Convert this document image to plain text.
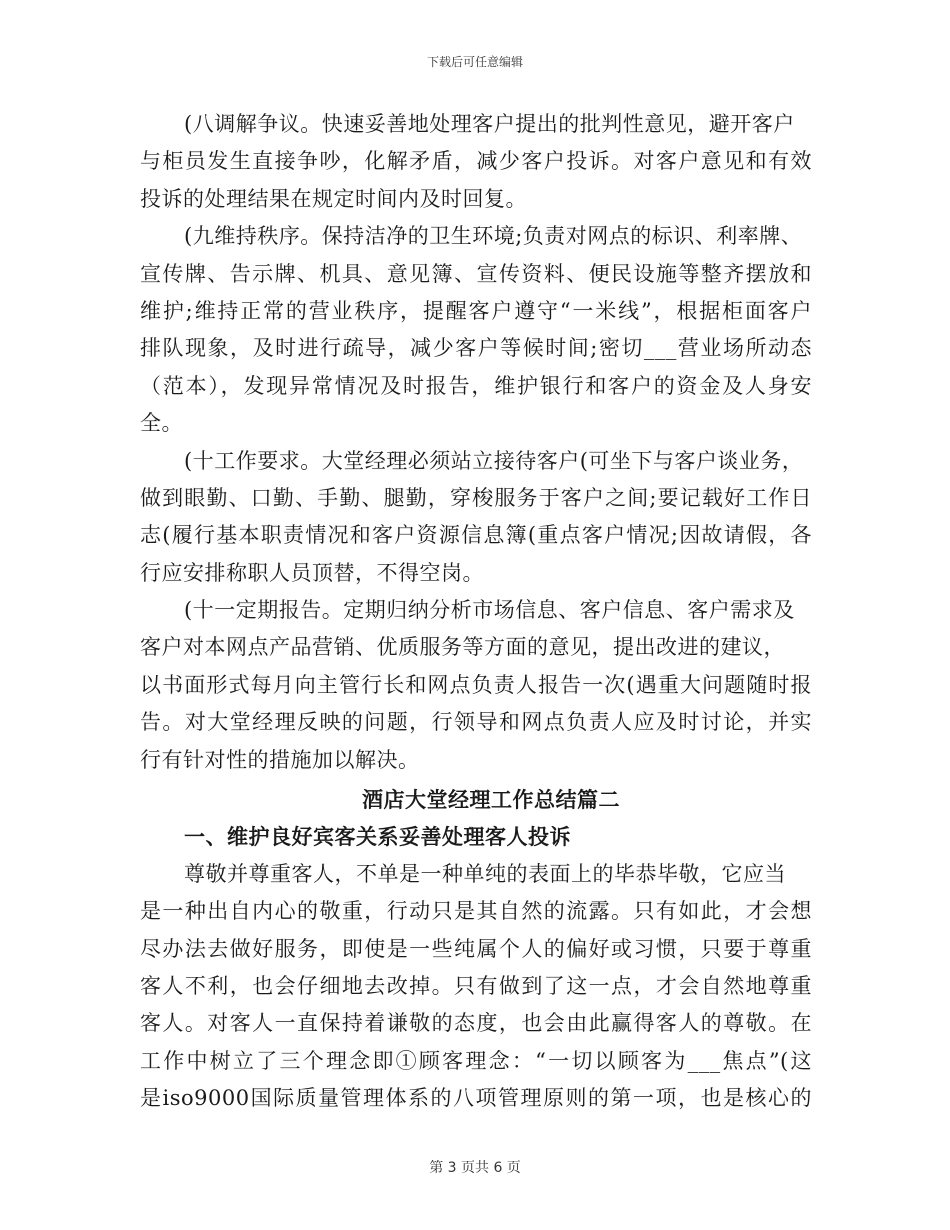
下载后可任意编辑
(八调解争议。快速妥善地处理客户提出的批判性意见，避开客户
与柜员发生直接争吵，化解矛盾，减少客户投诉。对客户意见和有效
投诉的处理结果在规定时间内及时回复。
(九维持秩序。保持洁净的卫生环境;负责对网点的标识、利率牌、
宣传牌、告示牌、机具、意见簿、宣传资料、便民设施等整齐摆放和
维护;维持正常的营业秩序，提醒客户遵守“一米线”，根据柜面客户
排队现象，及时进行疏导，减少客户等候时间;密切___营业场所动态
（范本），发现异常情况及时报告，维护银行和客户的资金及人身安
全。
(十工作要求。大堂经理必须站立接待客户(可坐下与客户谈业务，
做到眼勤、口勤、手勤、腿勤，穿梭服务于客户之间;要记载好工作日
志(履行基本职责情况和客户资源信息簿(重点客户情况;因故请假，各
行应安排称职人员顶替，不得空岗。
(十一定期报告。定期归纳分析市场信息、客户信息、客户需求及
客户对本网点产品营销、优质服务等方面的意见，提出改进的建议，
以书面形式每月向主管行长和网点负责人报告一次(遇重大问题随时报
告。对大堂经理反映的问题，行领导和网点负责人应及时讨论，并实
行有针对性的措施加以解决。
酒店大堂经理工作总结篇二
一、维护良好宾客关系妥善处理客人投诉
尊敬并尊重客人，不单是一种单纯的表面上的毕恭毕敬，它应当
是一种出自内心的敬重，行动只是其自然的流露。只有如此，才会想
尽办法去做好服务，即使是一些纯属个人的偏好或习惯，只要于尊重
客人不利，也会仔细地去改掉。只有做到了这一点，才会自然地尊重
客人。对客人一直保持着谦敬的态度，也会由此赢得客人的尊敬。在
工作中树立了三个理念即①顾客理念：“一切以顾客为___焦点”(这
是iso9000国际质量管理体系的八项管理原则的第一项，也是核心的
第 3 页共 6 页
